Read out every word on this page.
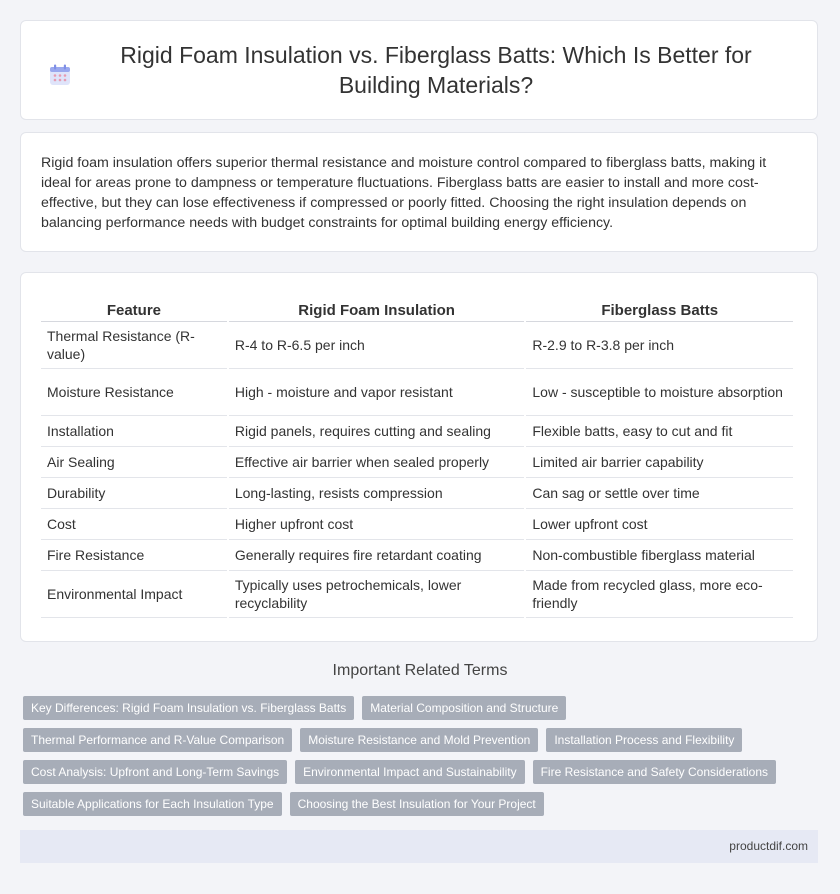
Rigid Foam Insulation vs. Fiberglass Batts: Which Is Better for Building Materials?

Rigid foam insulation offers superior thermal resistance and moisture control compared to fiberglass batts, making it ideal for areas prone to dampness or temperature fluctuations. Fiberglass batts are easier to install and more cost-effective, but they can lose effectiveness if compressed or poorly fitted. Choosing the right insulation depends on balancing performance needs with budget constraints for optimal building energy efficiency.

Feature	Rigid Foam Insulation	Fiberglass Batts
Thermal Resistance (R-value)	R-4 to R-6.5 per inch	R-2.9 to R-3.8 per inch
Moisture Resistance	High - moisture and vapor resistant	Low - susceptible to moisture absorption
Installation	Rigid panels, requires cutting and sealing	Flexible batts, easy to cut and fit
Air Sealing	Effective air barrier when sealed properly	Limited air barrier capability
Durability	Long-lasting, resists compression	Can sag or settle over time
Cost	Higher upfront cost	Lower upfront cost
Fire Resistance	Generally requires fire retardant coating	Non-combustible fiberglass material
Environmental Impact	Typically uses petrochemicals, lower recyclability	Made from recycled glass, more eco-friendly
Important Related Terms
Key Differences: Rigid Foam Insulation vs. Fiberglass Batts	Material Composition and Structure
Thermal Performance and R-Value Comparison	Moisture Resistance and Mold Prevention	Installation Process and Flexibility
Cost Analysis: Upfront and Long-Term Savings	Environmental Impact and Sustainability	Fire Resistance and Safety Considerations
Suitable Applications for Each Insulation Type	Choosing the Best Insulation for Your Project
productdif.com
